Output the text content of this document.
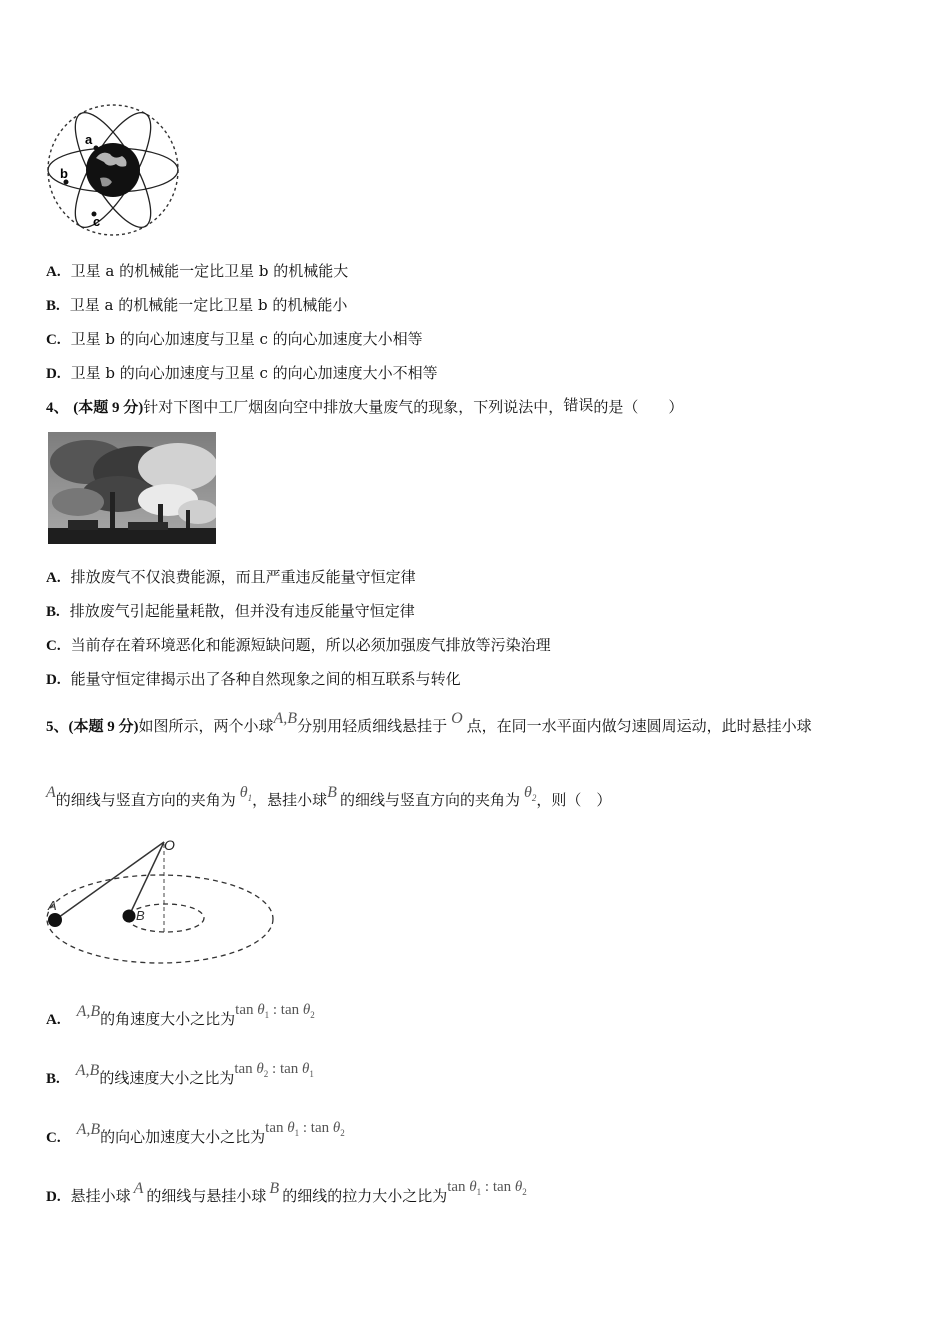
a
b
c
A. 卫星 a 的机械能一定比卫星 b 的机械能大
B. 卫星 a 的机械能一定比卫星 b 的机械能小
C. 卫星 b 的向心加速度与卫星 c 的向心加速度大小相等
D. 卫星 b 的向心加速度与卫星 c 的向心加速度大小不相等
4、 (本题 9 分)针对下图中工厂烟囱向空中排放大量废气的现象，下列说法中，错误的是（　　）
A. 排放废气不仅浪费能源，而且严重违反能量守恒定律
B. 排放废气引起能量耗散，但并没有违反能量守恒定律
C. 当前存在着环境恶化和能源短缺问题，所以必须加强废气排放等污染治理
D. 能量守恒定律揭示出了各种自然现象之间的相互联系与转化
5、(本题 9 分)如图所示，两个小球A,B分别用轻质细线悬挂于 O 点，在同一水平面内做匀速圆周运动，此时悬挂小球
A的细线与竖直方向的夹角为 $\theta_1$，悬挂小球B 的细线与竖直方向的夹角为 $\theta_2$，则（　）
O
A
B
A. A,B的角速度大小之比为$\tan \theta_1$ : $\tan \theta_2$
B. A,B的线速度大小之比为$\tan \theta_2$ : $\tan \theta_1$
C. A,B的向心加速度大小之比为$\tan \theta_1$ : $\tan \theta_2$
D. 悬挂小球 A 的细线与悬挂小球 B 的细线的拉力大小之比为$\tan \theta_1$ : $\tan \theta_2$
